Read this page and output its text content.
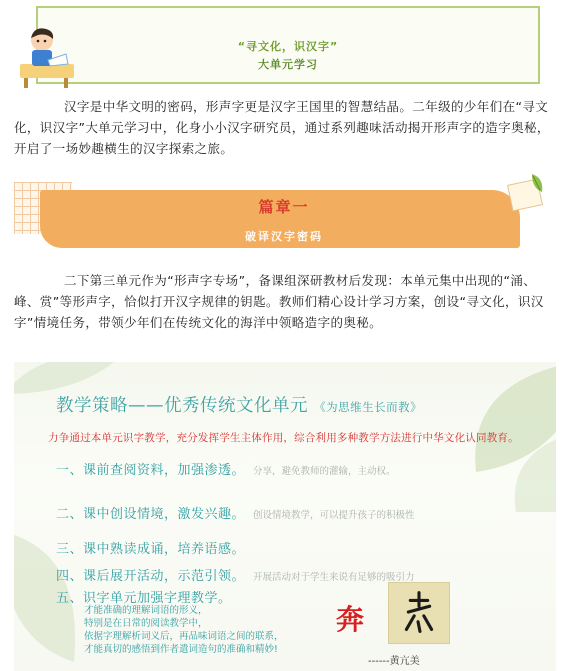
“寻文化，识汉字”
大单元学习

汉字是中华文明的密码，形声字更是汉字王国里的智慧结晶。二年级的少年们在“寻文化，识汉字”大单元学习中，化身小小汉字研究员，通过系列趣味活动揭开形声字的造字奥秘，开启了一场妙趣横生的汉字探索之旅。

篇章一
破译汉字密码

二下第三单元作为“形声字专场”，备课组深研教材后发现：本单元集中出现的“涌、峰、赏”等形声字，恰似打开汉字规律的钥匙。教师们精心设计学习方案，创设“寻文化，识汉字”情境任务，带领少年们在传统文化的海洋中领略造字的奥秘。

教学策略——优秀传统文化单元 《为思维生长而教》
力争通过本单元识字教学，充分发挥学生主体作用，综合利用多种教学方法进行中华文化认同教育。
一、课前查阅资料，加强渗透。 分享，避免教师的灌输，主动权。
二、课中创设情境，激发兴趣。 创设情境教学，可以提升孩子的积极性
三、课中熟读成诵，培养语感。
四、课后展开活动，示范引领。 开展活动对于学生来说有足够的吸引力
五、识字单元加强字理教学。
才能准确的理解词语的形义，
特别是在日常的阅读教学中，
依据字理解析词义后，再品味词语之间的联系，
才能真切的感悟到作者遣词造句的准确和精妙!
奔
------黄亢美
